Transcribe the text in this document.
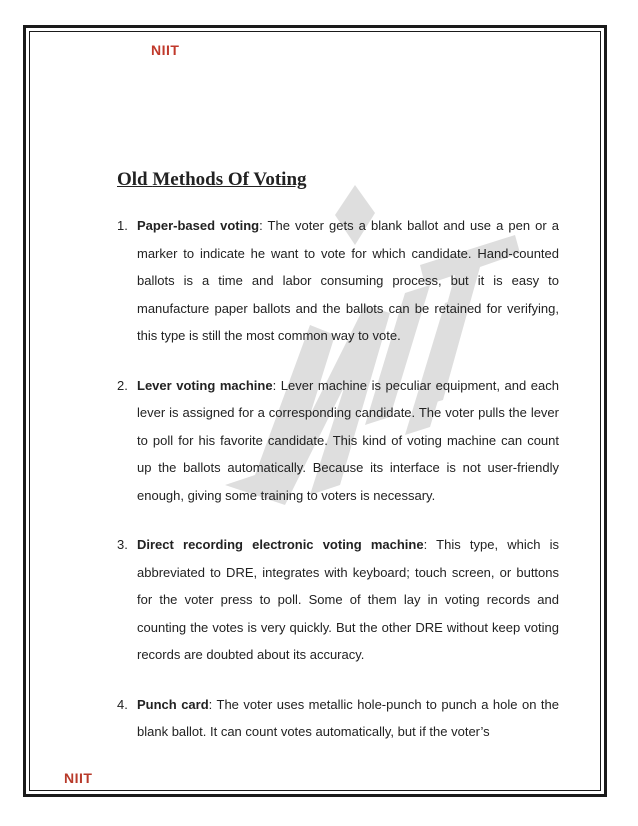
NIIT
Old Methods Of Voting
1. Paper-based voting: The voter gets a blank ballot and use a pen or a marker to indicate he want to vote for which candidate. Hand-counted ballots is a time and labor consuming process, but it is easy to manufacture paper ballots and the ballots can be retained for verifying, this type is still the most common way to vote.
2. Lever voting machine: Lever machine is peculiar equipment, and each lever is assigned for a corresponding candidate. The voter pulls the lever to poll for his favorite candidate. This kind of voting machine can count up the ballots automatically. Because its interface is not user-friendly enough, giving some training to voters is necessary.
3. Direct recording electronic voting machine: This type, which is abbreviated to DRE, integrates with keyboard; touch screen, or buttons for the voter press to poll. Some of them lay in voting records and counting the votes is very quickly. But the other DRE without keep voting records are doubted about its accuracy.
4. Punch card: The voter uses metallic hole-punch to punch a hole on the blank ballot. It can count votes automatically, but if the voter’s
NIIT
